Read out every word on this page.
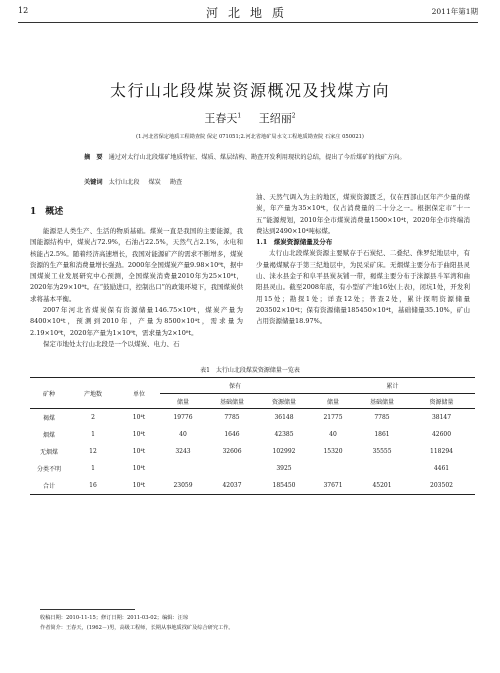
12	河北地质	2011年第1期
太行山北段煤炭资源概况及找煤方向
王春天$^1$ 王绍丽$^2$
(1.河北省保定地质工程勘查院 保定 071051;2.河北省地矿局水文工程地质勘查院 石家庄 050021)
摘　要 通过对太行山北段煤矿地质特征、煤质、煤层结构、勘查开发利用现状的总结，提出了今后煤矿的找矿方向。
关键词 太行山北段 煤炭 勘查
1　概述

能源是人类生产、生活的物质基础。煤炭一直是我国的主要能源，我国能源结构中，煤炭占72.9%，石油占22.5%，天然气占2.1%，水电和核能占2.5%。随着经济高速增长，我国对能源矿产的需求不断增多，煤炭资源的生产量和消费量增长强劲。2000年全国煤炭产量9.98×10⁸t，据中国煤炭工业发展研究中心预测，全国煤炭消费量2010年为25×10⁸t，2020年为29×10⁸t。在“鼓励进口，控制出口”的政策环境下，我国煤炭供求将基本平衡。

2007年河北省煤炭保有资源储量146.75×10⁸t，煤炭产量为8400×10⁴t，预测到2010年，产量为8500×10⁴t，需求量为2.19×10⁸t，2020年产量为1×10⁸t，需求量为2×10⁸t。

保定市地处太行山北段是一个以煤炭、电力、石

油、天然气调入为主的地区，煤炭资源匮乏，仅在西部山区年产少量的煤炭，年产量为35×10⁴t，仅占消费量的二十分之一。根据保定市“十一五”能源规划，2010年全市煤炭消费量1500×10⁴t，2020年全市终端消费达到2490×10⁴吨标煤。

1.1　煤炭资源储量及分布

太行山北段煤炭资源主要赋存于石炭纪、二叠纪、侏罗纪地层中，有少量褐煤赋存于第三纪地层中，为民采矿床。无烟煤主要分布于曲阳县灵山、涞水县金子和阜平县炭灰铺一带，褐煤主要分布于涞源县斗军湾和曲阳县灵山。截至2008年底，有小型矿产地16处(上表)，闭坑1处，开发利用15处；勘探1处；详查12处；普查2处，累计探明资源储量203502×10⁴t；保有资源储量185450×10⁴t，基础储量35.10%，矿山占用资源储量18.97%。

表1　太行山北段煤炭资源储量一览表
矿种	产地数	单位	保有			累计		
			储量	基础储量	资源储量	储量	基础储量	资源储量
褐煤	2	10⁴t	19776	7785	36148	21775	7785	38147
烟煤	1	10⁴t	40	1646	42385	40	1861	42600
无烟煤	12	10⁴t	3243	32606	102992	15320	35555	118294
分类不明	1	10⁴t			3925			4461
合计	16	10⁴t	23059	42037	185450	37671	45201	203502
收稿日期：2010-11-15；修订日期：2011-03-02；编辑：汪琼
作者简介：王春天，(1962－)男，高级工程师，长期从事地质找矿及综合研究工作。
